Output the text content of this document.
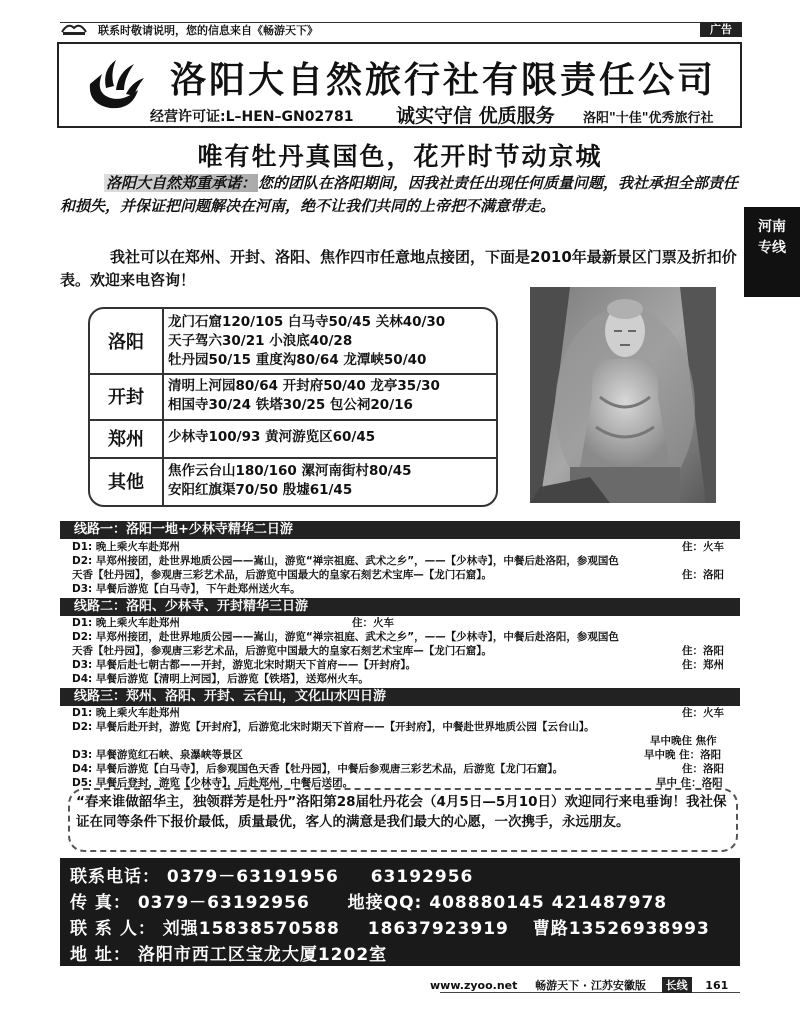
联系时敬请说明，您的信息来自《畅游天下》	广告
洛阳大自然旅行社有限责任公司
经营许可证:L–HEN–GN02781 诚实守信 优质服务 洛阳"十佳"优秀旅行社
唯有牡丹真国色，花开时节动京城
洛阳大自然郑重承诺： 您的团队在洛阳期间，因我社责任出现任何质量问题，我社承担全部责任和损失，并保证把问题解决在河南，绝不让我们共同的上帝把不满意带走。
我社可以在郑州、开封、洛阳、焦作四市任意地点接团，下面是2010年最新景区门票及折扣价表。欢迎来电咨询！
河南
专线
洛阳
龙门石窟120/105 白马寺50/45 关林40/30
天子驾六30/21 小浪底40/28
牡丹园50/15 重度沟80/64 龙潭峡50/40
开封
清明上河园80/64 开封府50/40 龙亭35/30
相国寺30/24 铁塔30/25 包公祠20/16
郑州	少林寺100/93 黄河游览区60/45
其他
焦作云台山180/160 漯河南街村80/45
安阳红旗渠70/50 殷墟61/45
线路一：洛阳一地+少林寺精华二日游
D1: 晚上乘火车赴郑州	住：火车
D2: 早郑州接团，赴世界地质公园——嵩山，游览“禅宗祖庭、武术之乡”，——【少林寺】，中餐后赴洛阳，参观国色
天香【牡丹园】，参观唐三彩艺术品，后游览中国最大的皇家石刻艺术宝库—【龙门石窟】。	住：洛阳
D3: 早餐后游览【白马寺】，下午赴郑州送火车。
线路二：洛阳、少林寺、开封精华三日游
D1: 晚上乘火车赴郑州	住：火车
D2: 早郑州接团，赴世界地质公园——嵩山，游览“禅宗祖庭、武术之乡”，——【少林寺】，中餐后赴洛阳，参观国色
天香【牡丹园】，参观唐三彩艺术品，后游览中国最大的皇家石刻艺术宝库—【龙门石窟】。	住：洛阳
D3: 早餐后赴七朝古都——开封，游览北宋时期天下首府——【开封府】。	住：郑州
D4: 早餐后游览【清明上河园】，后游览【铁塔】，送郑州火车。
线路三：郑州、洛阳、开封、云台山，文化山水四日游
D1: 晚上乘火车赴郑州	住：火车
D2: 早餐后赴开封，游览【开封府】，后游览北宋时期天下首府——【开封府】，中餐赴世界地质公园【云台山】。
早中晚住 焦作
D3: 早餐游览红石峡、泉瀑峡等景区	早中晚 住：洛阳
D4: 早餐后游览【白马寺】，后参观国色天香【牡丹园】，中餐后参观唐三彩艺术品，后游览【龙门石窟】。	住：洛阳
D5: 早餐后登封，游览【少林寺】，后赴郑州，中餐后送团。	早中 住：洛阳
“春来谁做韶华主，独领群芳是牡丹”洛阳第28届牡丹花会（4月5日—5月10日）欢迎同行来电垂询！我社保证在同等条件下报价最低，质量最优，客人的满意是我们最大的心愿，一次携手，永远朋友。
联系电话： 0379－63191956 63192956
传 真： 0379－63192956 地接QQ: 408880145 421487978
联 系 人： 刘强15838570588 18637923919 曹路13526938993
地 址： 洛阳市西工区宝龙大厦1202室
www.zyoo.net 畅游天下 · 江苏安徽版 长线 161
